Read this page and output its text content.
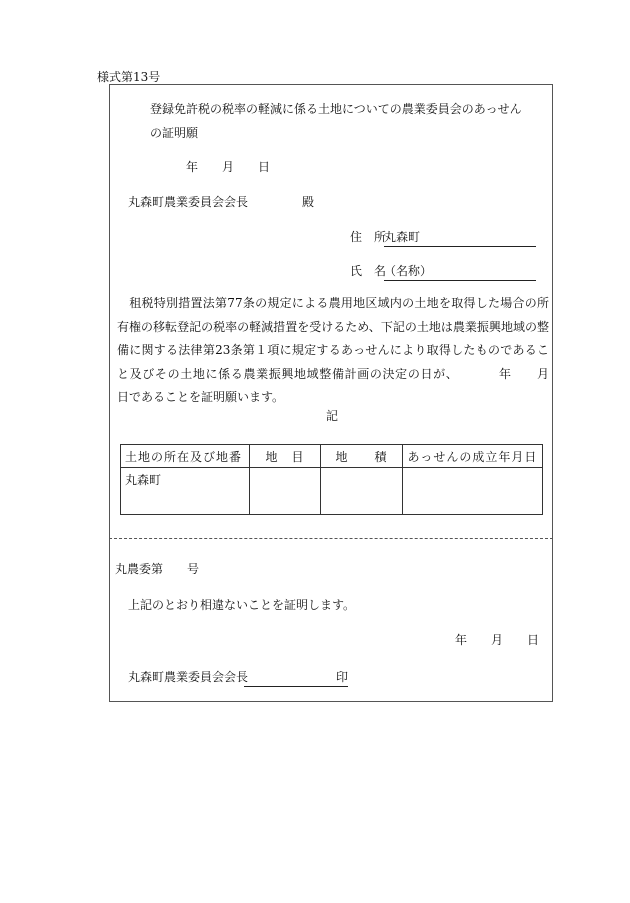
様式第13号
登録免許税の税率の軽減に係る土地についての農業委員会のあっせん
の証明願
年　　月　　日
丸森町農業委員会会長	殿
住　所
丸森町
氏　名
（名称）
　租税特別措置法第77条の規定による農用地区域内の土地を取得した場合の所有権の移転登記の税率の軽減措置を受けるため、下記の土地は農業振興地域の整備に関する法律第23条第１項に規定するあっせんにより取得したものであること及びその土地に係る農業振興地域整備計画の決定の日が、	年　　月　　日であることを証明願います。
記
土地の所在及び地番	地　目	地　　積	あっせんの成立年月日
丸森町			
丸農委第　　号
上記のとおり相違ないことを証明します。
年　　月　　日
丸森町農業委員会会長	印
